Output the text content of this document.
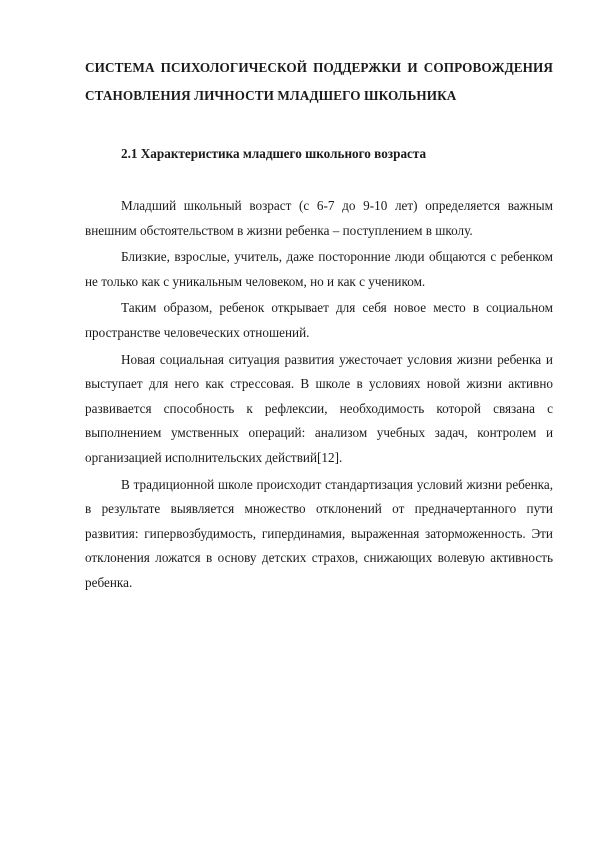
СИСТЕМА ПСИХОЛОГИЧЕСКОЙ ПОДДЕРЖКИ И СОПРОВОЖДЕНИЯ СТАНОВЛЕНИЯ ЛИЧНОСТИ МЛАДШЕГО ШКОЛЬНИКА
2.1 Характеристика младшего школьного возраста

Младший школьный возраст (с 6-7 до 9-10 лет) определяется важным внешним обстоятельством в жизни ребенка – поступлением в школу.

Близкие, взрослые, учитель, даже посторонние люди общаются с ребенком не только как с уникальным человеком, но и как с учеником.

Таким образом, ребенок открывает для себя новое место в социальном пространстве человеческих отношений.

Новая социальная ситуация развития ужесточает условия жизни ребенка и выступает для него как стресcовая. В школе в условиях новой жизни активно развивается способность к рефлексии, необходимость которой связана с выполнением умственных операций: анализом учебных задач, контролем и организацией исполнительских действий[12].

В традиционной школе происходит стандартизация условий жизни ребенка, в результате выявляется множество отклонений от предначертанного пути развития: гипервозбудимость, гипердинамия, выраженная заторможенность. Эти отклонения ложатся в основу детских страхов, снижающих волевую активность ребенка.
